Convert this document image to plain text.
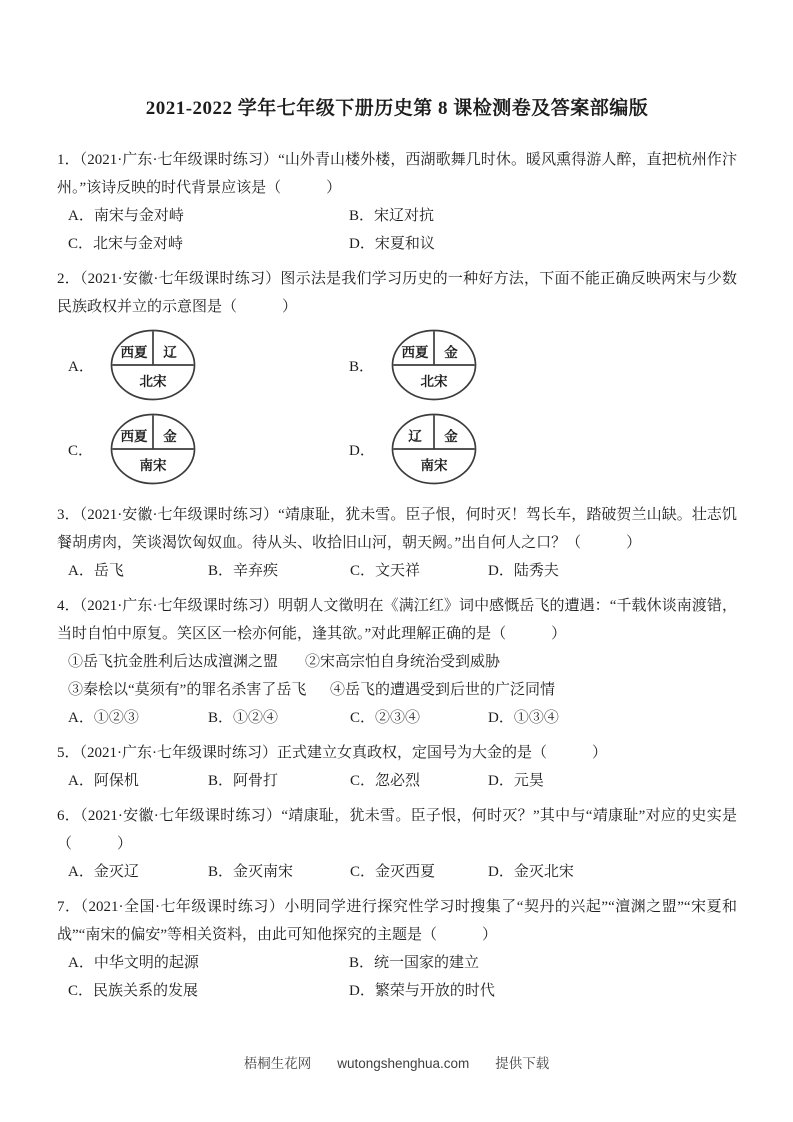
2021-2022 学年七年级下册历史第 8 课检测卷及答案部编版

1．（2021·广东·七年级课时练习）“山外青山楼外楼，西湖歌舞几时休。暖风熏得游人醉，直把杭州作汴州。”该诗反映的时代背景应该是（　　　）

A．南宋与金对峙	B．宋辽对抗
C．北宋与金对峙	D．宋夏和议

2．（2021·安徽·七年级课时练习）图示法是我们学习历史的一种好方法，下面不能正确反映两宋与少数民族政权并立的示意图是（　　　）

A．
西夏 辽
北宋
B．
西夏 金
北宋
C．
西夏 金
南宋
D．
辽 金
南宋

3．（2021·安徽·七年级课时练习）“靖康耻，犹未雪。臣子恨，何时灭！驾长车，踏破贺兰山缺。壮志饥餐胡虏肉，笑谈渴饮匈奴血。待从头、收拾旧山河，朝天阙。”出自何人之口？（　　　）

A．岳飞	B．辛弃疾	C．文天祥	D．陆秀夫

4．（2021·广东·七年级课时练习）明朝人文徵明在《满江红》词中感慨岳飞的遭遇：“千载休谈南渡错，当时自怕中原复。笑区区一桧亦何能，逢其欲。”对此理解正确的是（　　　）

①岳飞抗金胜利后达成澶渊之盟	②宋高宗怕自身统治受到威胁
③秦桧以“莫须有”的罪名杀害了岳飞	④岳飞的遭遇受到后世的广泛同情
A．①②③	B．①②④	C．②③④	D．①③④

5．（2021·广东·七年级课时练习）正式建立女真政权，定国号为大金的是（　　　）

A．阿保机	B．阿骨打	C．忽必烈	D．元昊

6．（2021·安徽·七年级课时练习）“靖康耻，犹未雪。臣子恨，何时灭？”其中与“靖康耻”对应的史实是（　　　）

A．金灭辽	B．金灭南宋	C．金灭西夏	D．金灭北宋

7．（2021·全国·七年级课时练习）小明同学进行探究性学习时搜集了“契丹的兴起”“澶渊之盟”“宋夏和战”“南宋的偏安”等相关资料，由此可知他探究的主题是（　　　）

A．中华文明的起源	B．统一国家的建立
C．民族关系的发展	D．繁荣与开放的时代
梧桐生花网 wutongshenghua.com 提供下载
